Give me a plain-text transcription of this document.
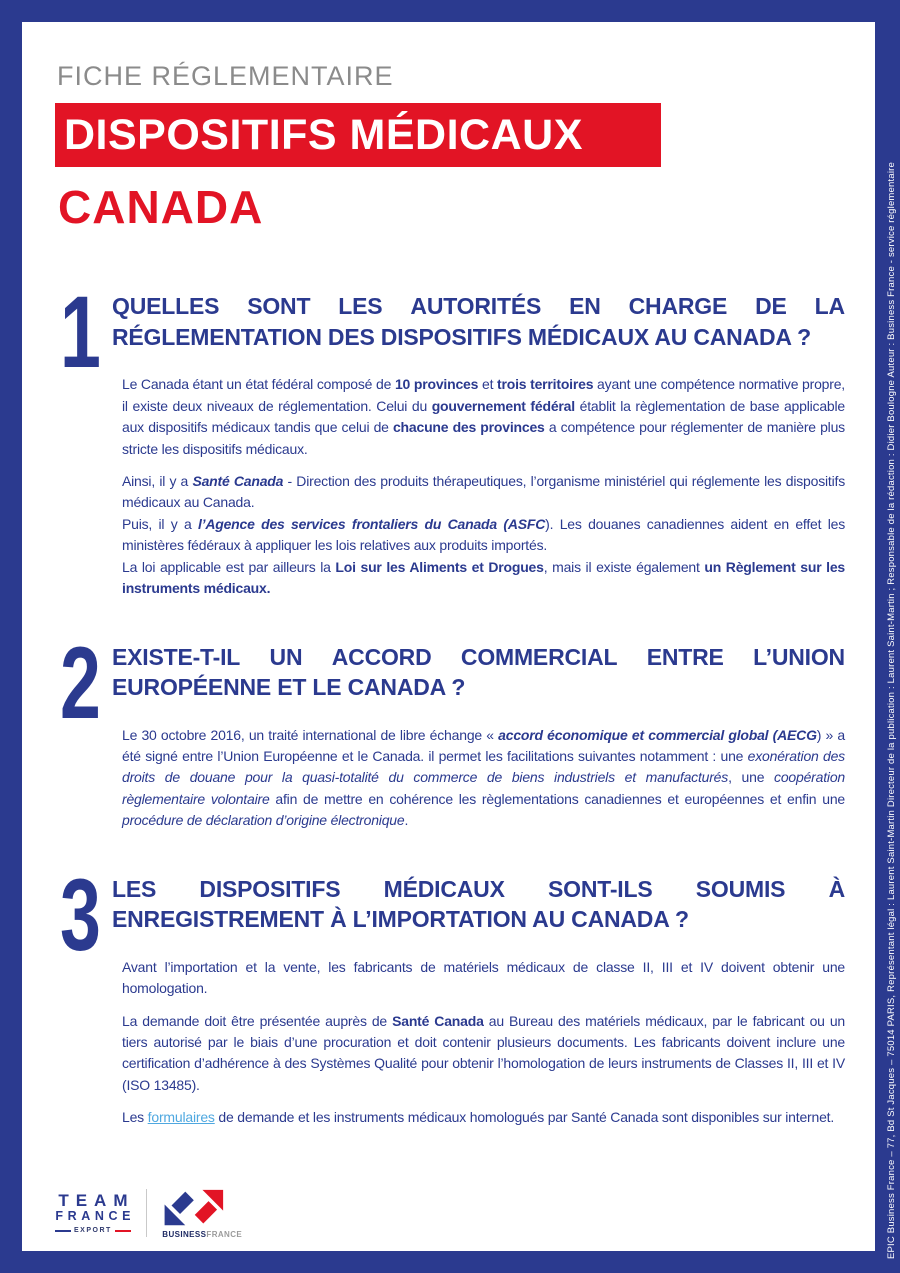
FICHE RÉGLEMENTAIRE
DISPOSITIFS MÉDICAUX
CANADA
1 QUELLES SONT LES AUTORITÉS EN CHARGE DE LA
RÉGLEMENTATION DES DISPOSITIFS MÉDICAUX AU CANADA ?

Le Canada étant un état fédéral composé de 10 provinces et trois territoires ayant une compétence normative propre, il existe deux niveaux de réglementation. Celui du gouvernement fédéral établit la règlementation de base applicable aux dispositifs médicaux tandis que celui de chacune des provinces a compétence pour réglementer de manière plus stricte les dispositifs médicaux.

Ainsi, il y a Santé Canada - Direction des produits thérapeutiques, l’organisme ministériel qui réglemente les dispositifs médicaux au Canada.

Puis, il y a l’Agence des services frontaliers du Canada (ASFC). Les douanes canadiennes aident en effet les ministères fédéraux à appliquer les lois relatives aux produits importés.

La loi applicable est par ailleurs la Loi sur les Aliments et Drogues, mais il existe également un Règlement sur les instruments médicaux.

2 EXISTE-T-IL UN ACCORD COMMERCIAL ENTRE L’UNION
EUROPÉENNE ET LE CANADA ?

Le 30 octobre 2016, un traité international de libre échange « accord économique et commercial global (AECG) » a été signé entre l’Union Européenne et le Canada. il permet les facilitations suivantes notamment : une exonération des droits de douane pour la quasi-totalité du commerce de biens industriels et manufacturés, une coopération règlementaire volontaire afin de mettre en cohérence les règlementations canadiennes et européennes et enfin une procédure de déclaration d’origine électronique.

3 LES DISPOSITIFS MÉDICAUX SONT-ILS SOUMIS À
ENREGISTREMENT À L’IMPORTATION AU CANADA ?

Avant l’importation et la vente, les fabricants de matériels médicaux de classe II, III et IV doivent obtenir une homologation.

La demande doit être présentée auprès de Santé Canada au Bureau des matériels médicaux, par le fabricant ou un tiers autorisé par le biais d’une procuration et doit contenir plusieurs documents. Les fabricants doivent inclure une certification d’adhérence à des Systèmes Qualité pour obtenir l’homologation de leurs instruments de Classes II, III et IV (ISO 13485).

Les formulaires de demande et les instruments médicaux homologués par Santé Canada sont disponibles sur internet.

TEAM
FRANCE
EXPORT	BUSINESSFRANCE	EPIC Business France – 77, Bd St Jacques – 75014 PARIS, Représentant légal : Laurent Saint-Martin Directeur de la publication : Laurent Saint-Martin ; Responsable de la rédaction : Didier Boulogne Auteur : Business France - service réglementaire
